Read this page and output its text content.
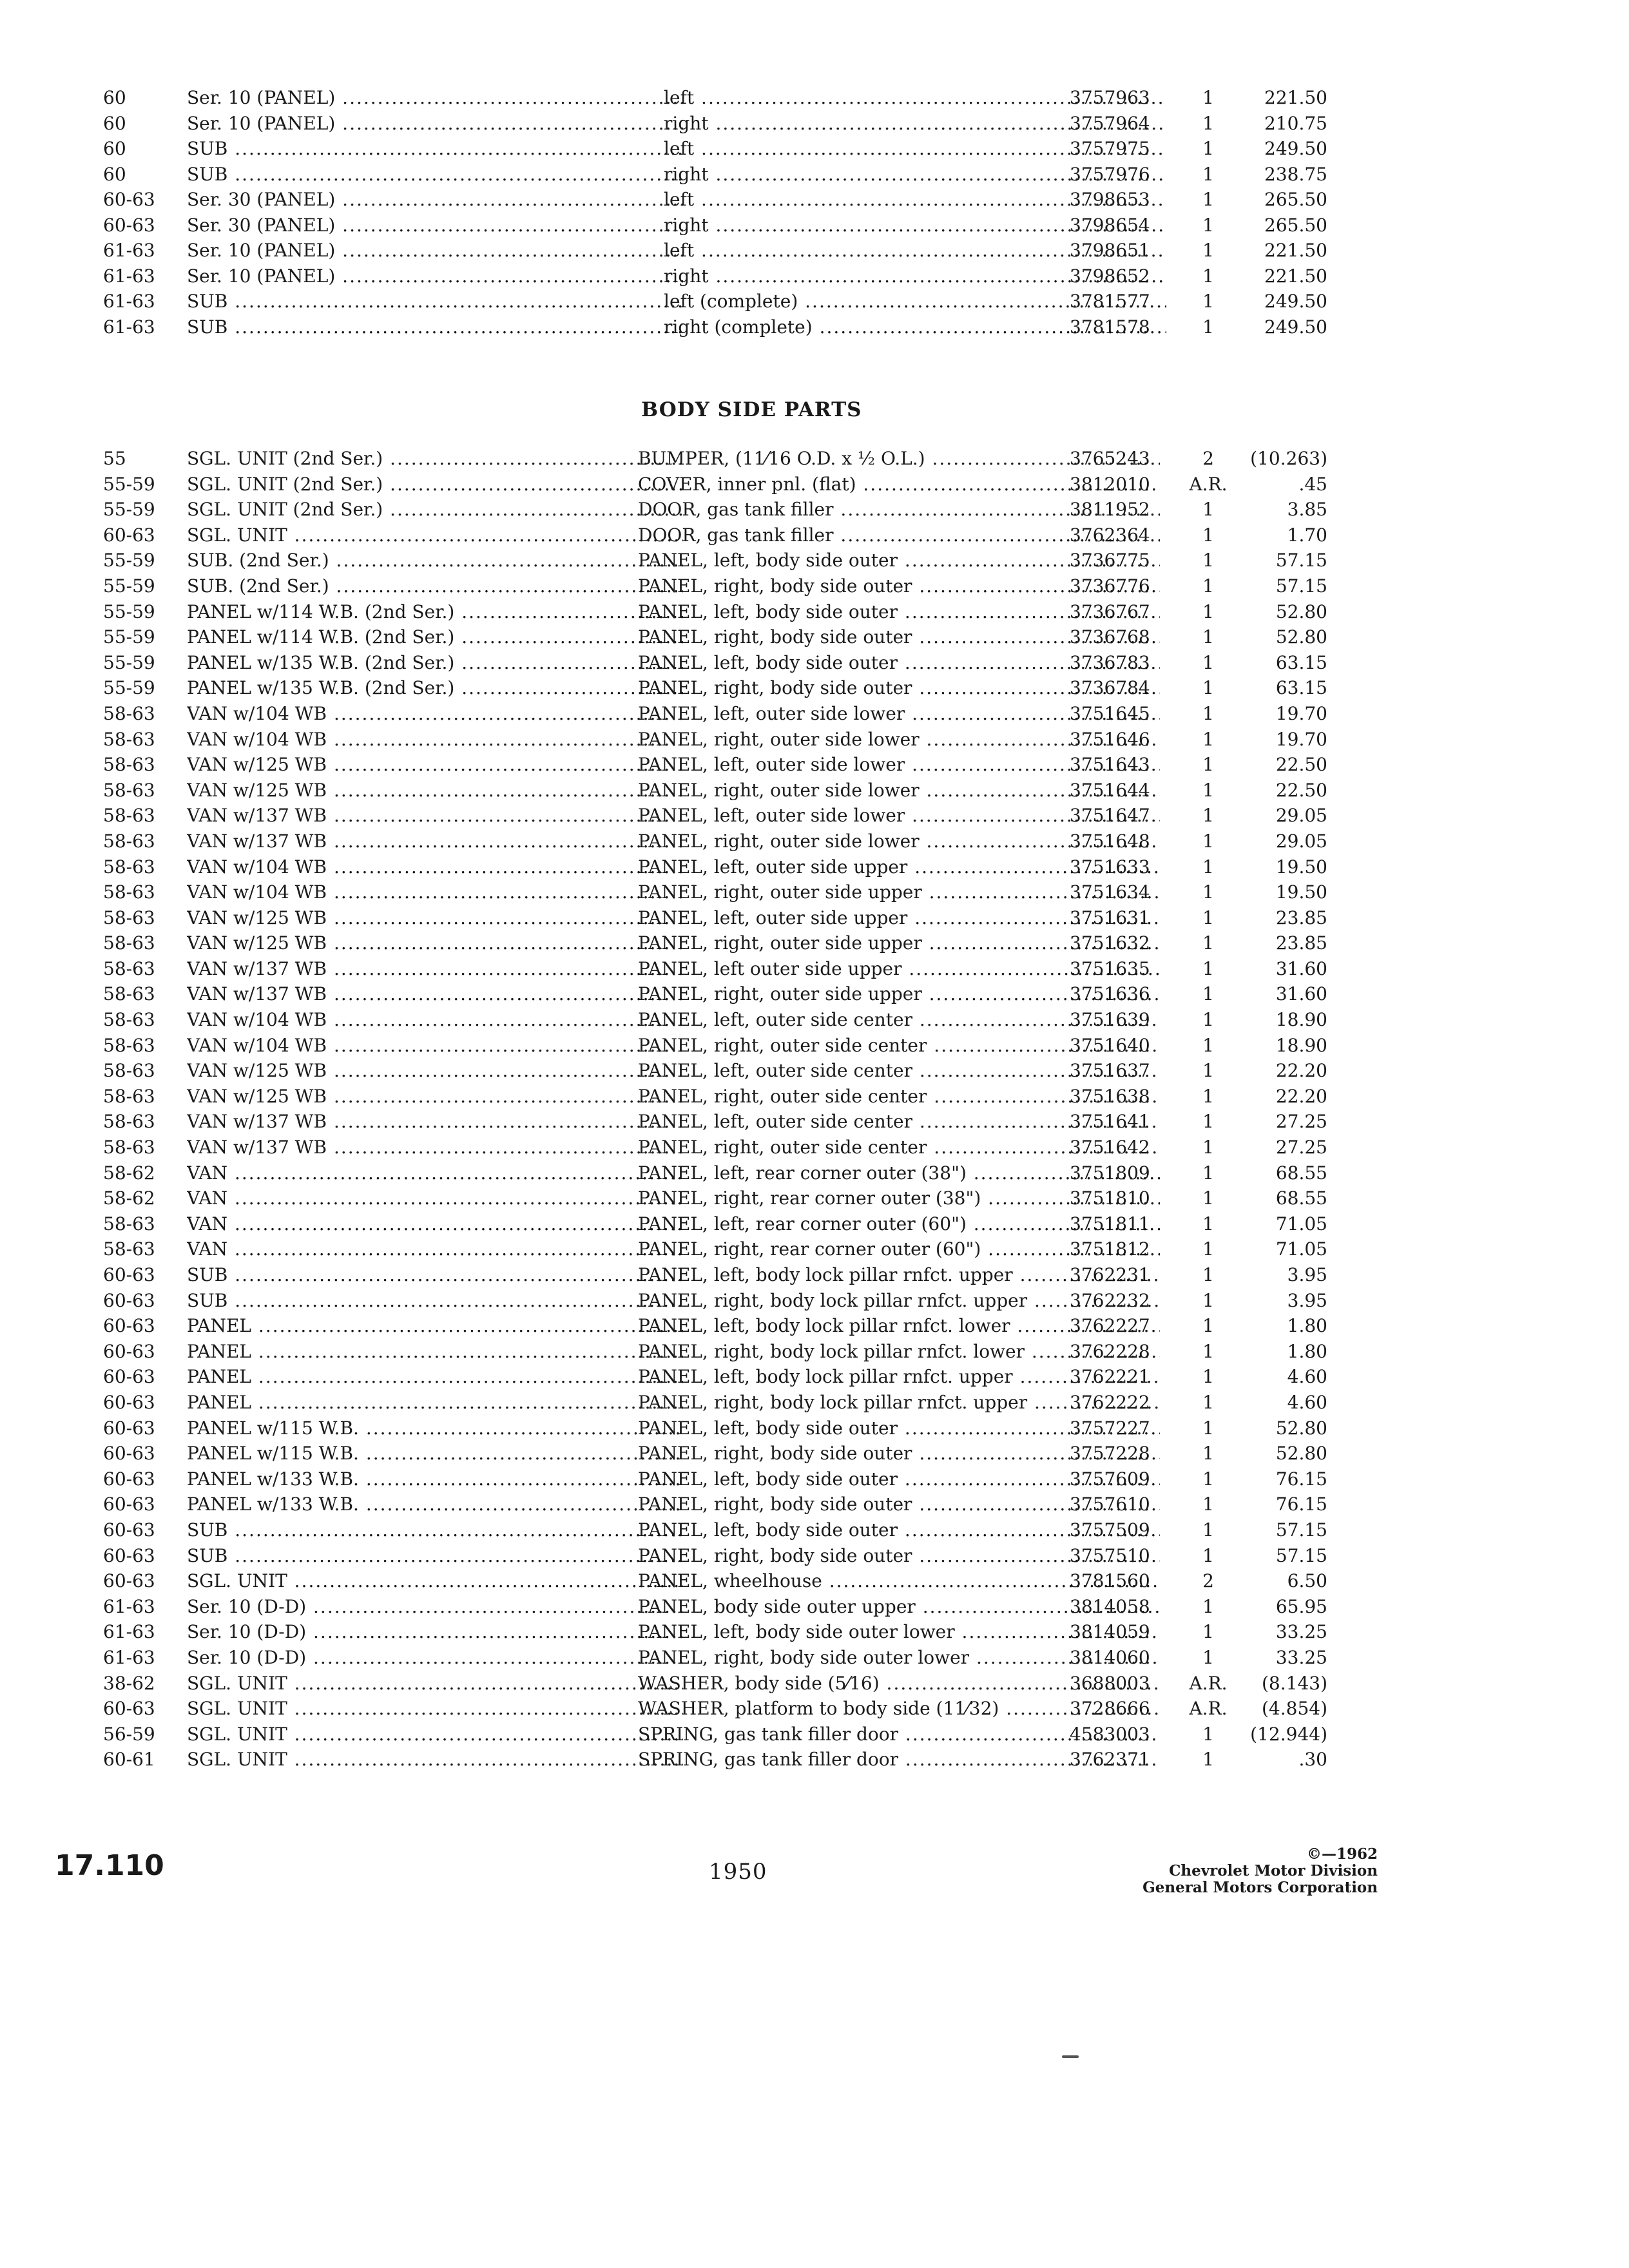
60	Ser. 10 (PANEL) .....	left .....	3757963	1	221.50
60	Ser. 10 (PANEL) .....	right .....	3757964	1	210.75
60	SUB .....	left .....	3757975	1	249.50
60	SUB .....	right .....	3757976	1	238.75
60-63	Ser. 30 (PANEL) .....	left .....	3798653	1	265.50
60-63	Ser. 30 (PANEL) .....	right .....	3798654	1	265.50
61-63	Ser. 10 (PANEL) .....	left .....	3798651	1	221.50
61-63	Ser. 10 (PANEL) .....	right .....	3798652	1	221.50
61-63	SUB .....	left (complete) .....	3781577	1	249.50
61-63	SUB .....	right (complete) .....	3781578	1	249.50
BODY SIDE PARTS
55	SGL. UNIT (2nd Ser.) .....	BUMPER, (11⁄16 O.D. x ½ O.L.) .....	3765243	2	(10.263)
55-59	SGL. UNIT (2nd Ser.) .....	COVER, inner pnl. (flat) .....	3812010	A.R.	.45
55-59	SGL. UNIT (2nd Ser.) .....	DOOR, gas tank filler .....	3811952	1	3.85
60-63	SGL. UNIT .....	DOOR, gas tank filler .....	3762364	1	1.70
55-59	SUB. (2nd Ser.) .....	PANEL, left, body side outer .....	3736775	1	57.15
55-59	SUB. (2nd Ser.) .....	PANEL, right, body side outer .....	3736776	1	57.15
55-59	PANEL w/114 W.B. (2nd Ser.) .....	PANEL, left, body side outer .....	3736767	1	52.80
55-59	PANEL w/114 W.B. (2nd Ser.) .....	PANEL, right, body side outer .....	3736768	1	52.80
55-59	PANEL w/135 W.B. (2nd Ser.) .....	PANEL, left, body side outer .....	3736783	1	63.15
55-59	PANEL w/135 W.B. (2nd Ser.) .....	PANEL, right, body side outer .....	3736784	1	63.15
58-63	VAN w/104 WB .....	PANEL, left, outer side lower .....	3751645	1	19.70
58-63	VAN w/104 WB .....	PANEL, right, outer side lower .....	3751646	1	19.70
58-63	VAN w/125 WB .....	PANEL, left, outer side lower .....	3751643	1	22.50
58-63	VAN w/125 WB .....	PANEL, right, outer side lower .....	3751644	1	22.50
58-63	VAN w/137 WB .....	PANEL, left, outer side lower .....	3751647	1	29.05
58-63	VAN w/137 WB .....	PANEL, right, outer side lower .....	3751648	1	29.05
58-63	VAN w/104 WB .....	PANEL, left, outer side upper .....	3751633	1	19.50
58-63	VAN w/104 WB .....	PANEL, right, outer side upper .....	3751634	1	19.50
58-63	VAN w/125 WB .....	PANEL, left, outer side upper .....	3751631	1	23.85
58-63	VAN w/125 WB .....	PANEL, right, outer side upper .....	3751632	1	23.85
58-63	VAN w/137 WB .....	PANEL, left outer side upper .....	3751635	1	31.60
58-63	VAN w/137 WB .....	PANEL, right, outer side upper .....	3751636	1	31.60
58-63	VAN w/104 WB .....	PANEL, left, outer side center .....	3751639	1	18.90
58-63	VAN w/104 WB .....	PANEL, right, outer side center .....	3751640	1	18.90
58-63	VAN w/125 WB .....	PANEL, left, outer side center .....	3751637	1	22.20
58-63	VAN w/125 WB .....	PANEL, right, outer side center .....	3751638	1	22.20
58-63	VAN w/137 WB .....	PANEL, left, outer side center .....	3751641	1	27.25
58-63	VAN w/137 WB .....	PANEL, right, outer side center .....	3751642	1	27.25
58-62	VAN .....	PANEL, left, rear corner outer (38") .....	3751809	1	68.55
58-62	VAN .....	PANEL, right, rear corner outer (38") .....	3751810	1	68.55
58-63	VAN .....	PANEL, left, rear corner outer (60") .....	3751811	1	71.05
58-63	VAN .....	PANEL, right, rear corner outer (60") .....	3751812	1	71.05
60-63	SUB .....	PANEL, left, body lock pillar rnfct. upper .....	3762231	1	3.95
60-63	SUB .....	PANEL, right, body lock pillar rnfct. upper .....	3762232	1	3.95
60-63	PANEL .....	PANEL, left, body lock pillar rnfct. lower .....	3762227	1	1.80
60-63	PANEL .....	PANEL, right, body lock pillar rnfct. lower .....	3762228	1	1.80
60-63	PANEL .....	PANEL, left, body lock pillar rnfct. upper .....	3762221	1	4.60
60-63	PANEL .....	PANEL, right, body lock pillar rnfct. upper .....	3762222	1	4.60
60-63	PANEL w/115 W.B. .....	PANEL, left, body side outer .....	3757227	1	52.80
60-63	PANEL w/115 W.B. .....	PANEL, right, body side outer .....	3757228	1	52.80
60-63	PANEL w/133 W.B. .....	PANEL, left, body side outer .....	3757609	1	76.15
60-63	PANEL w/133 W.B. .....	PANEL, right, body side outer .....	3757610	1	76.15
60-63	SUB .....	PANEL, left, body side outer .....	3757509	1	57.15
60-63	SUB .....	PANEL, right, body side outer .....	3757510	1	57.15
60-63	SGL. UNIT .....	PANEL, wheelhouse .....	3781560	2	6.50
61-63	Ser. 10 (D-D) .....	PANEL, body side outer upper .....	3814058	1	65.95
61-63	Ser. 10 (D-D) .....	PANEL, left, body side outer lower .....	3814059	1	33.25
61-63	Ser. 10 (D-D) .....	PANEL, right, body side outer lower .....	3814060	1	33.25
38-62	SGL. UNIT .....	WASHER, body side (5⁄16) .....	3688003	A.R.	(8.143)
60-63	SGL. UNIT .....	WASHER, platform to body side (11⁄32) .....	3728666	A.R.	(4.854)
56-59	SGL. UNIT .....	SPRING, gas tank filler door .....	4583003	1	(12.944)
60-61	SGL. UNIT .....	SPRING, gas tank filler door .....	3762371	1	.30
17.110	1950
©—1962
Chevrolet Motor Division
General Motors Corporation
